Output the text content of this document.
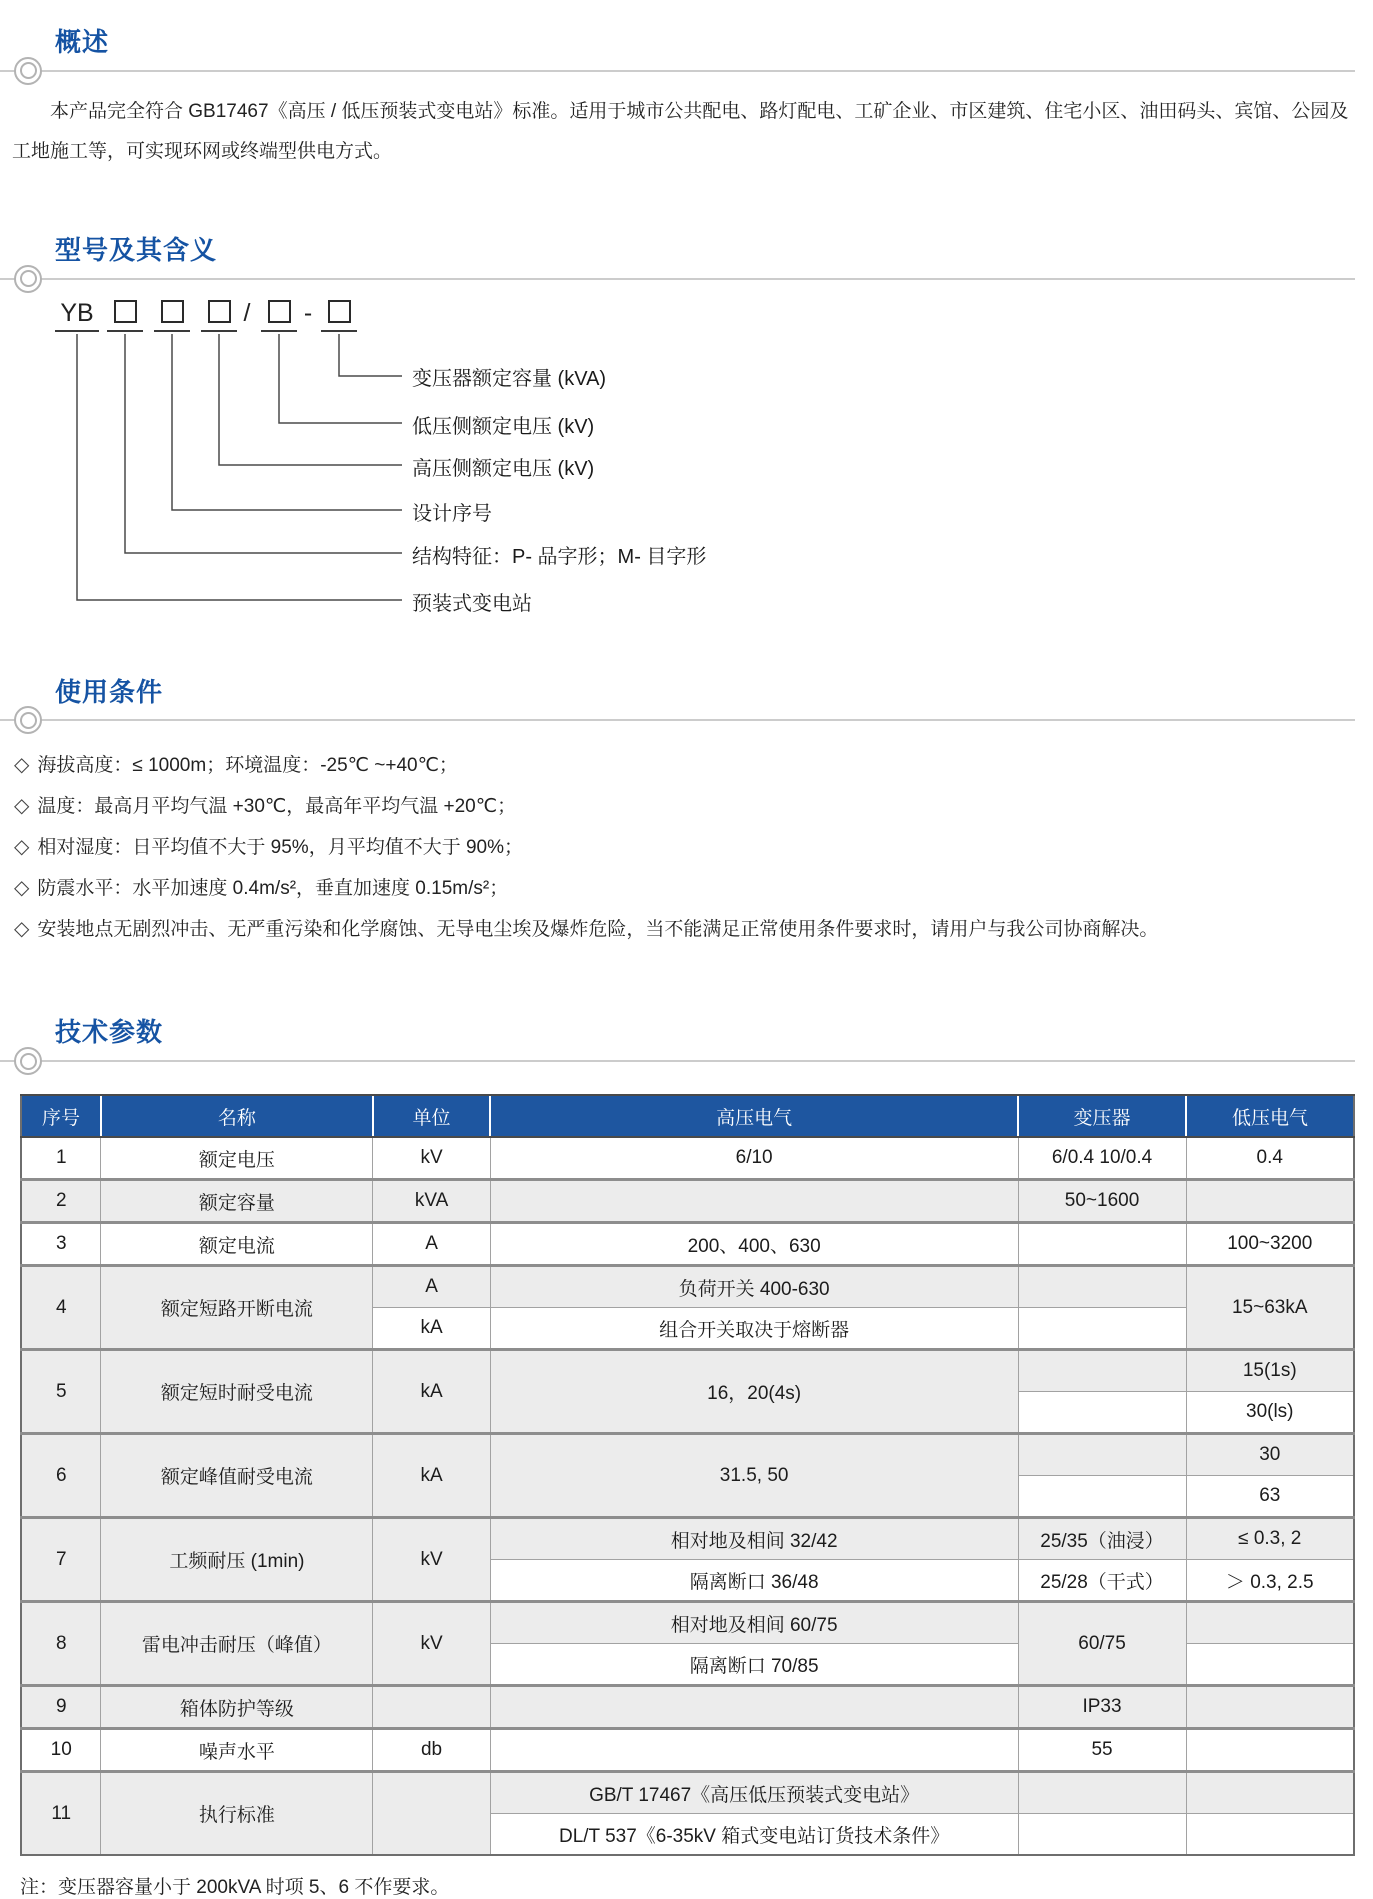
概述

本产品完全符合 GB17467《高压 / 低压预装式变电站》标准。适用于城市公共配电、路灯配电、工矿企业、市区建筑、住宅小区、油田码头、宾馆、公园及工地施工等，可实现环网或终端型供电方式。

型号及其含义
YB	/ -
变压器额定容量 (kVA)
低压侧额定电压 (kV)
高压侧额定电压 (kV)
设计序号
结构特征：P- 品字形；M- 目字形
预装式变电站
使用条件
◇ 海拔高度：≤ 1000m；环境温度：-25℃ ~+40℃；
◇ 温度：最高月平均气温 +30℃，最高年平均气温 +20℃；
◇ 相对湿度：日平均值不大于 95%，月平均值不大于 90%；
◇ 防震水平：水平加速度 0.4m/s²，垂直加速度 0.15m/s²；
◇ 安装地点无剧烈冲击、无严重污染和化学腐蚀、无导电尘埃及爆炸危险，当不能满足正常使用条件要求时，请用户与我公司协商解决。
技术参数
序号	名称	单位	高压电气	变压器	低压电气
1	额定电压	kV	6/10	6/0.4 10/0.4	0.4
2	额定容量	kVA		50~1600	
3	额定电流	A	200、400、630		100~3200
4	额定短路开断电流	A	负荷开关 400-630		15~63kA
		kA	组合开关取决于熔断器		
5	额定短时耐受电流	kA	16，20(4s)		15(1s)
					30(ls)
6	额定峰值耐受电流	kA	31.5, 50		30
					63
7	工频耐压 (1min)	kV	相对地及相间 32/42	25/35（油浸）	≤ 0.3, 2
			隔离断口 36/48	25/28（干式）	＞ 0.3, 2.5
8	雷电冲击耐压（峰值）	kV	相对地及相间 60/75	60/75	
			隔离断口 70/85		
9	箱体防护等级			IP33	
10	噪声水平	db		55	
11	执行标准		GB/T 17467《高压低压预装式变电站》		
			DL/T 537《6-35kV 箱式变电站订货技术条件》		
注：变压器容量小于 200kVA 时项 5、6 不作要求。
